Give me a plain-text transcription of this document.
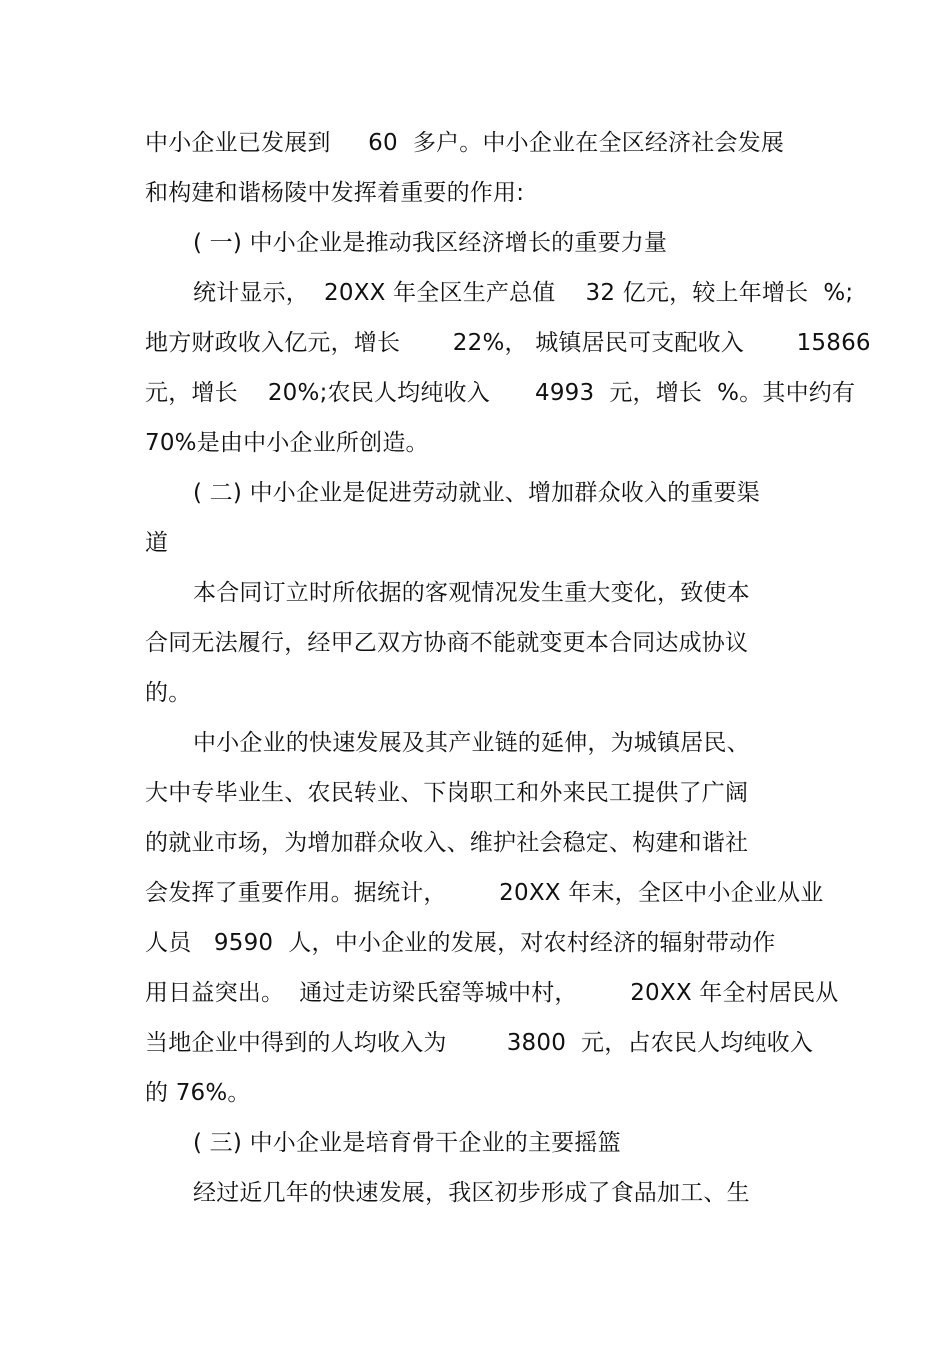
中小企业已发展到     60  多户。中小企业在全区经济社会发展
和构建和谐杨陵中发挥着重要的作用:
( 一) 中小企业是推动我区经济增长的重要力量
统计显示，  20XX 年全区生产总值    32 亿元，较上年增长  %;
地方财政收入亿元，增长       22%， 城镇居民可支配收入       15866
元，增长    20%;农民人均纯收入      4993  元，增长  %。其中约有
70%是由中小企业所创造。
( 二) 中小企业是促进劳动就业、增加群众收入的重要渠
道
本合同订立时所依据的客观情况发生重大变化，致使本
合同无法履行，经甲乙双方协商不能就变更本合同达成协议
的。
中小企业的快速发展及其产业链的延伸，为城镇居民、
大中专毕业生、农民转业、下岗职工和外来民工提供了广阔
的就业市场，为增加群众收入、维护社会稳定、构建和谐社
会发挥了重要作用。据统计，       20XX 年末，全区中小企业从业
人员   9590  人，中小企业的发展，对农村经济的辐射带动作
用日益突出。  通过走访梁氏窑等城中村，       20XX 年全村居民从
当地企业中得到的人均收入为        3800  元，占农民人均纯收入
的 76%。
( 三) 中小企业是培育骨干企业的主要摇篮
经过近几年的快速发展，我区初步形成了食品加工、生
